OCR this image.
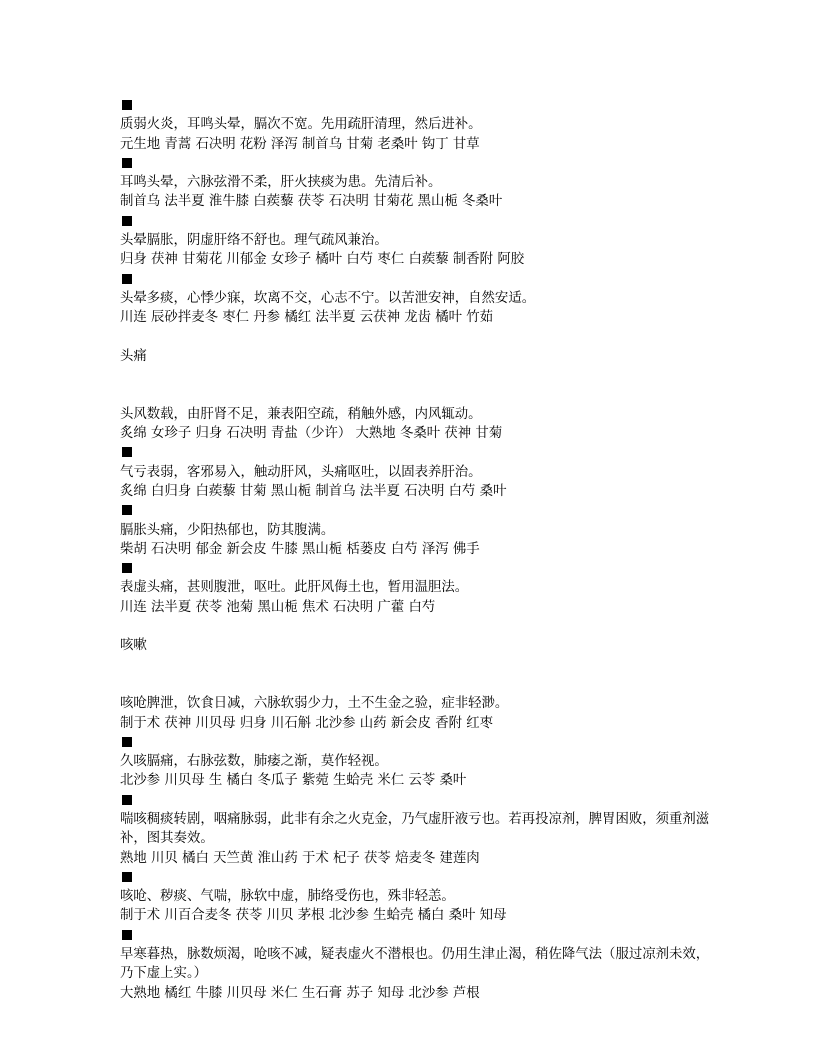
质弱火炎，耳鸣头晕，膈次不宽。先用疏肝清理，然后进补。
元生地 青蒿 石决明 花粉 泽泻 制首乌 甘菊 老桑叶 钩丁 甘草
耳鸣头晕，六脉弦滑不柔，肝火挟痰为患。先清后补。
制首乌 法半夏 淮牛膝 白蒺藜 茯苓 石决明 甘菊花 黑山栀 冬桑叶
头晕膈胀，阴虚肝络不舒也。理气疏风兼治。
归身 茯神 甘菊花 川郁金 女珍子 橘叶 白芍 枣仁 白蒺藜 制香附 阿胶
头晕多痰，心悸少寐，坎离不交，心志不宁。以苦泄安神，自然安适。
川连 辰砂拌麦冬 枣仁 丹参 橘红 法半夏 云茯神 龙齿 橘叶 竹茹
头痛
头风数载，由肝肾不足，兼表阳空疏，稍触外感，内风辄动。
炙绵 女珍子 归身 石决明 青盐（少许） 大熟地 冬桑叶 茯神 甘菊
气亏表弱，客邪易入，触动肝风，头痛呕吐，以固表养肝治。
炙绵 白归身 白蒺藜 甘菊 黑山栀 制首乌 法半夏 石决明 白芍 桑叶
膈胀头痛，少阳热郁也，防其腹满。
柴胡 石决明 郁金 新会皮 牛膝 黑山栀 栝蒌皮 白芍 泽泻 佛手
表虚头痛，甚则腹泄，呕吐。此肝风侮土也，暂用温胆法。
川连 法半夏 茯苓 池菊 黑山栀 焦术 石决明 广藿 白芍
咳嗽
咳呛脾泄，饮食日减，六脉软弱少力，土不生金之验，症非轻渺。
制于术 茯神 川贝母 归身 川石斛 北沙参 山药 新会皮 香附 红枣
久咳膈痛，右脉弦数，肺痿之渐，莫作轻视。
北沙参 川贝母 生 橘白 冬瓜子 紫菀 生蛤壳 米仁 云苓 桑叶
喘咳稠痰转剧，咽痛脉弱，此非有余之火克金，乃气虚肝液亏也。若再投凉剂，脾胃困败，须重剂滋补，图其奏效。
熟地 川贝 橘白 天竺黄 淮山药 于术 杞子 茯苓 焙麦冬 建莲肉
咳呛、秽痰、气喘，脉软中虚，肺络受伤也，殊非轻恙。
制于术 川百合麦冬 茯苓 川贝 茅根 北沙参 生蛤壳 橘白 桑叶 知母
早寒暮热，脉数烦渴，呛咳不减，疑表虚火不潜根也。仍用生津止渴，稍佐降气法（服过凉剂未效，乃下虚上实。）
大熟地 橘红 牛膝 川贝母 米仁 生石膏 苏子 知母 北沙参 芦根
